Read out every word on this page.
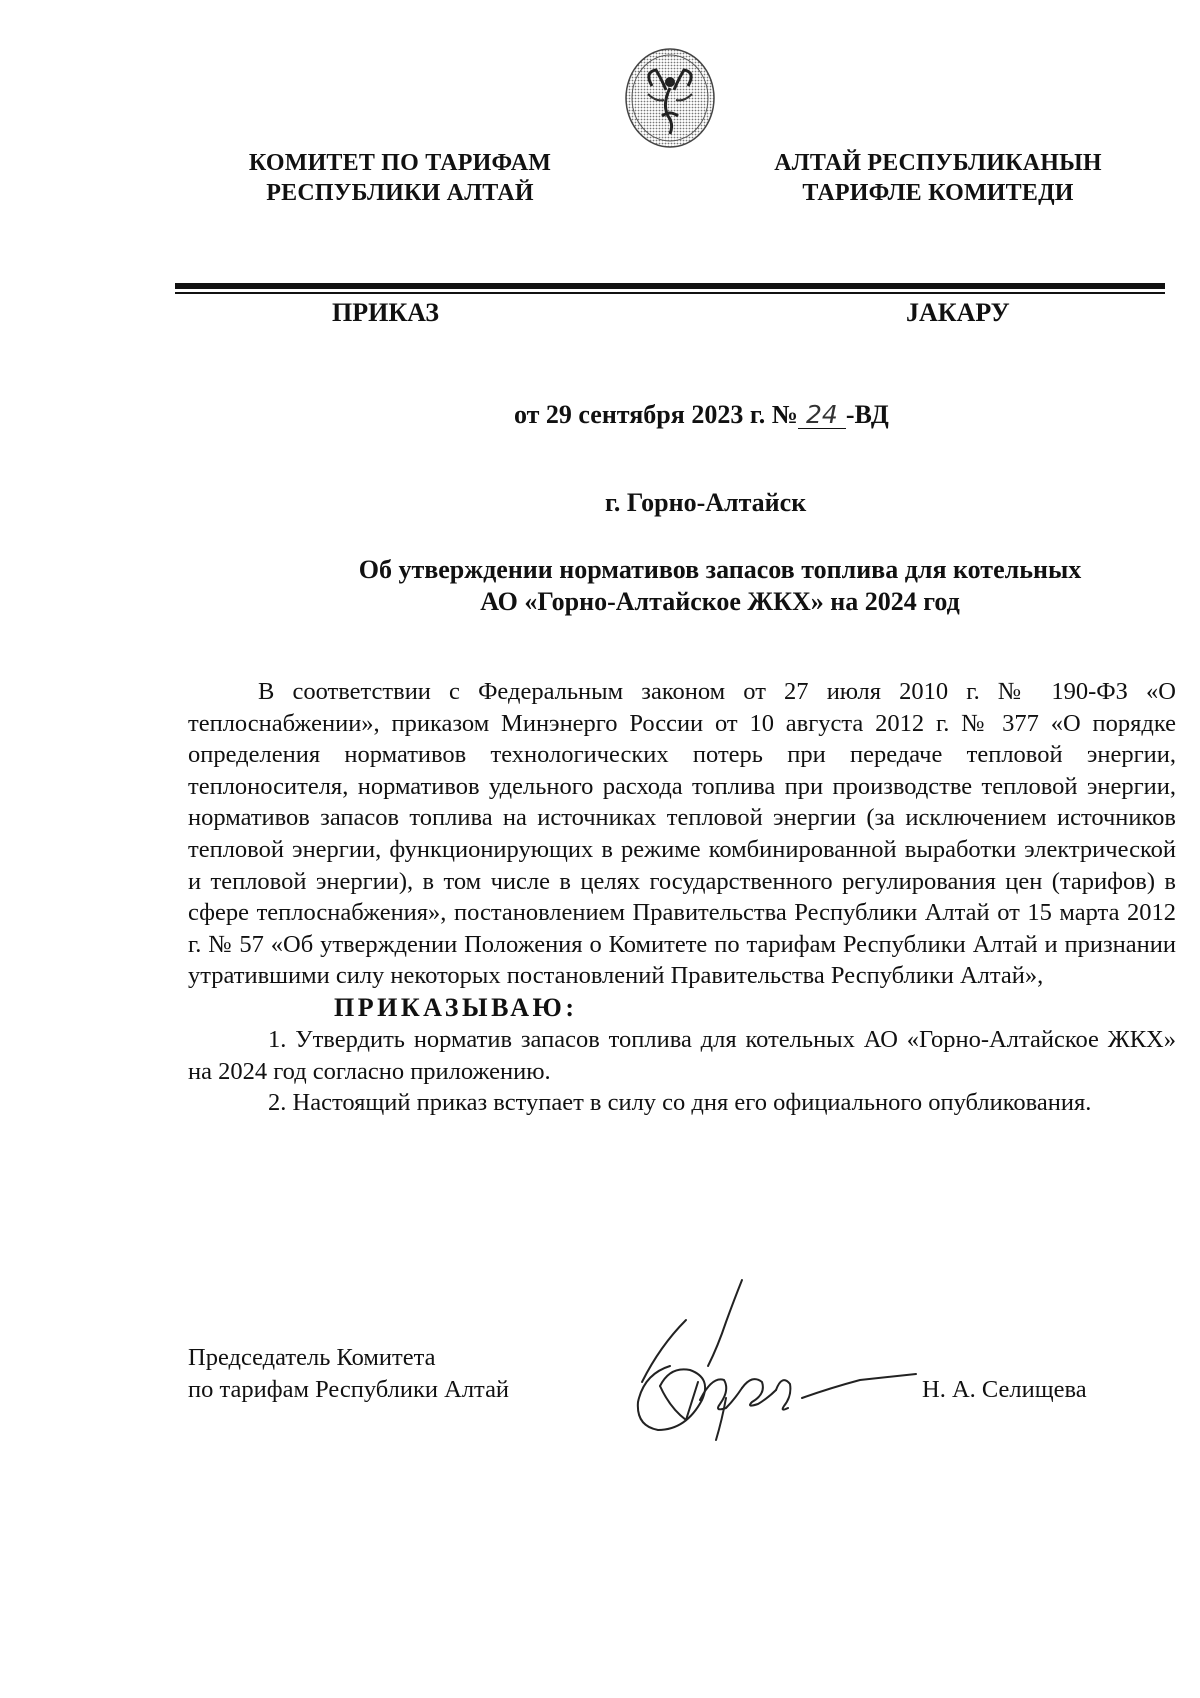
КОМИТЕТ ПО ТАРИФАМ
РЕСПУБЛИКИ АЛТАЙ
АЛТАЙ РЕСПУБЛИКАНЫН
ТАРИФЛЕ КОМИТЕДИ
ПРИКАЗ	JАКАРУ
от 29 сентября 2023 г. № 24 -ВД
г. Горно-Алтайск
Об утверждении нормативов запасов топлива для котельных
АО «Горно-Алтайское ЖКХ» на 2024 год

В соответствии с Федеральным законом от 27 июля 2010 г. № 190-ФЗ «О теплоснабжении», приказом Минэнерго России от 10 августа 2012 г. № 377 «О порядке определения нормативов технологических потерь при передаче тепловой энергии, теплоносителя, нормативов удельного расхода топлива при производстве тепловой энергии, нормативов запасов топлива на источниках тепловой энергии (за исключением источников тепловой энергии, функционирующих в режиме комбинированной выработки электрической и тепловой энергии), в том числе в целях государственного регулирования цен (тарифов) в сфере теплоснабжения», постановлением Правительства Республики Алтай от 15 марта 2012 г. № 57 «Об утверждении Положения о Комитете по тарифам Республики Алтай и признании утратившими силу некоторых постановлений Правительства Республики Алтай»,

ПРИКАЗЫВАЮ:

1. Утвердить норматив запасов топлива для котельных АО «Горно-Алтайское ЖКХ» на 2024 год согласно приложению.

2. Настоящий приказ вступает в силу со дня его официального опубликования.

Председатель Комитета
по тарифам Республики Алтай	Н. А. Селищева
